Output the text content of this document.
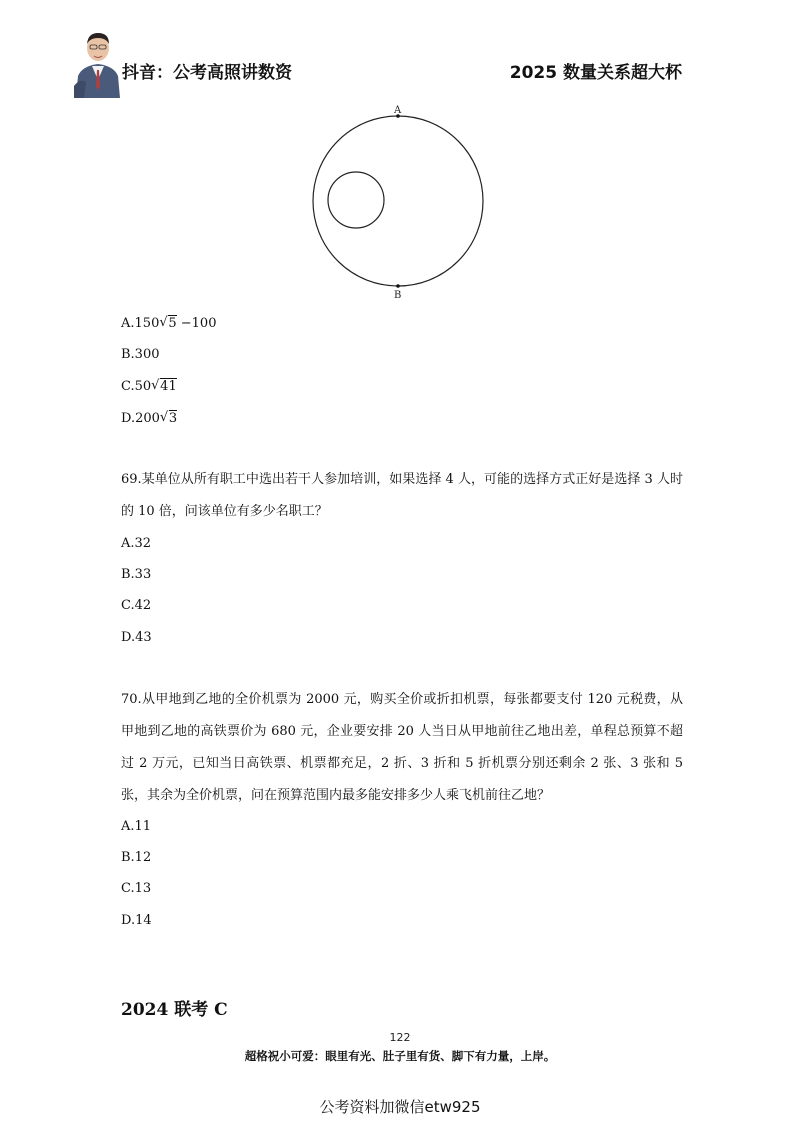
抖音：公考高照讲数资	2025 数量关系超大杯
A
B
A.150 √ 5 −100
B.300
C.50 √ 41
D.200 √ 3
69.某单位从所有职工中选出若干人参加培训，如果选择 4 人，可能的选择方式正好是选择 3 人时的 10 倍，问该单位有多少名职工？
A.32
B.33
C.42
D.43
70.从甲地到乙地的全价机票为 2000 元，购买全价或折扣机票，每张都要支付 120 元税费，从甲地到乙地的高铁票价为 680 元，企业要安排 20 人当日从甲地前往乙地出差，单程总预算不超过 2 万元，已知当日高铁票、机票都充足，2 折、3 折和 5 折机票分别还剩余 2 张、3 张和 5 张，其余为全价机票，问在预算范围内最多能安排多少人乘飞机前往乙地？
A.11
B.12
C.13
D.14
2024 联考 C
122
超格祝小可爱：眼里有光、肚子里有货、脚下有力量，上岸。
公考资料加微信etw925
